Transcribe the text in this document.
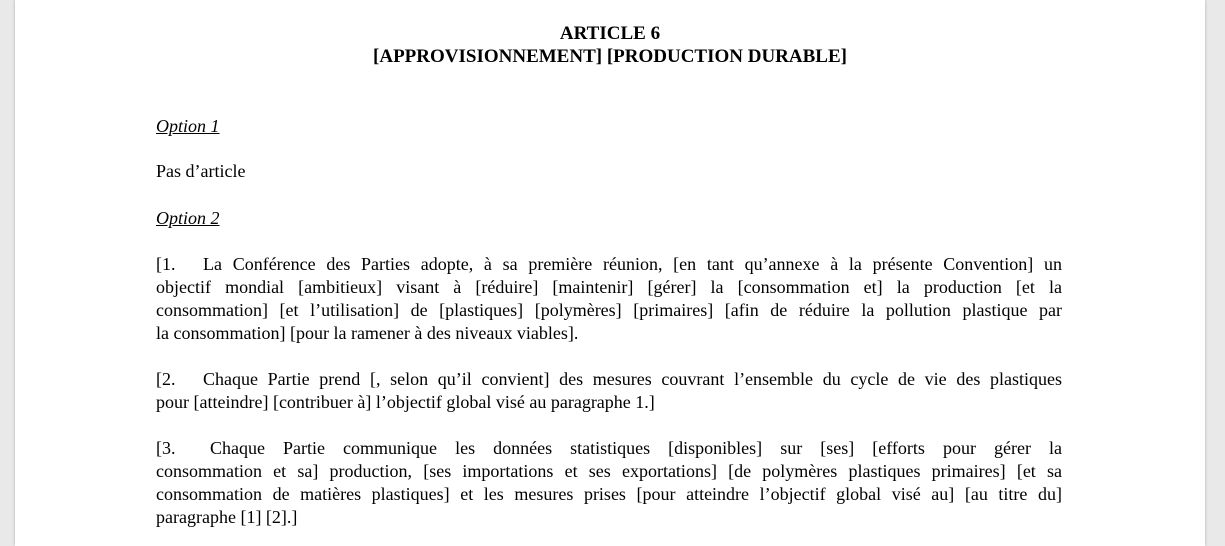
ARTICLE 6
[APPROVISIONNEMENT] [PRODUCTION DURABLE]
Option 1
Pas d’article
Option 2
[1. La Conférence des Parties adopte, à sa première réunion, [en tant qu’annexe à la présente Convention] un
objectif mondial [ambitieux] visant à [réduire] [maintenir] [gérer] la [consommation et] la production [et la
consommation] [et l’utilisation] de [plastiques] [polymères] [primaires] [afin de réduire la pollution plastique par
la consommation] [pour la ramener à des niveaux viables].
[2. Chaque Partie prend [, selon qu’il convient] des mesures couvrant l’ensemble du cycle de vie des plastiques
pour [atteindre] [contribuer à] l’objectif global visé au paragraphe 1.]
[3. Chaque Partie communique les données statistiques [disponibles] sur [ses] [efforts pour gérer la
consommation et sa] production, [ses importations et ses exportations] [de polymères plastiques primaires] [et sa
consommation de matières plastiques] et les mesures prises [pour atteindre l’objectif global visé au] [au titre du]
paragraphe [1] [2].]
